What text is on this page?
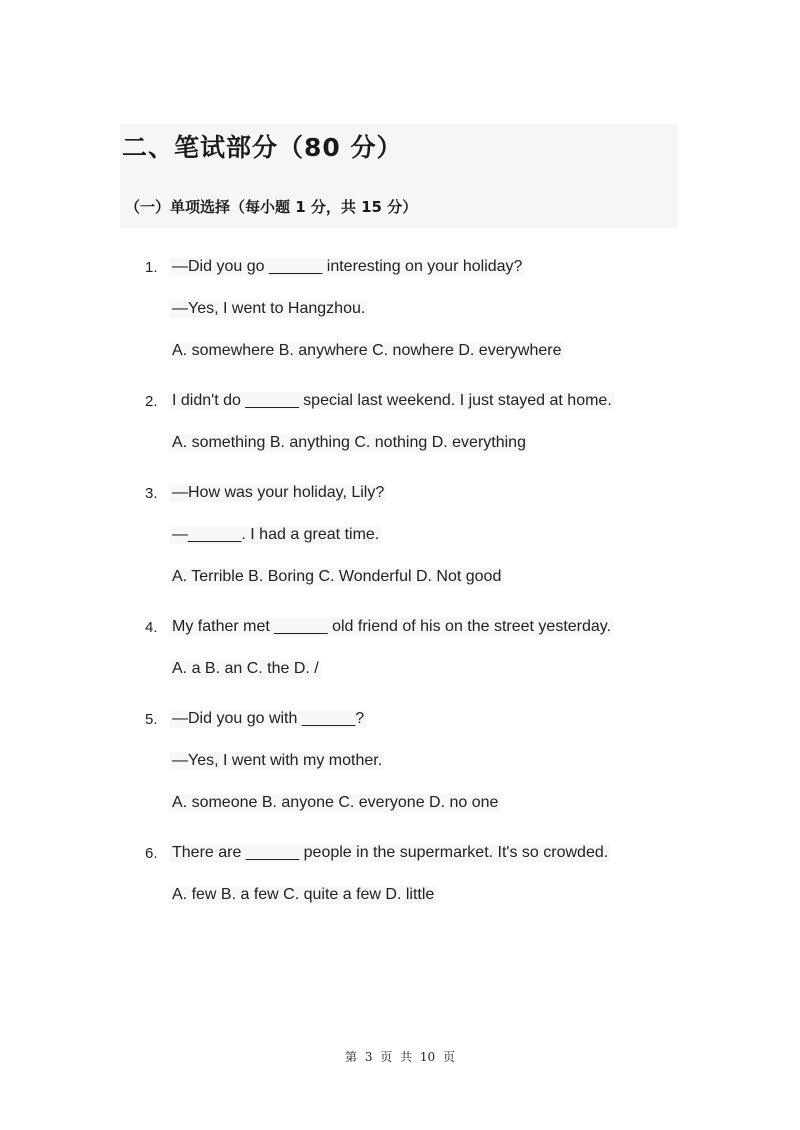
二、笔试部分（80 分）
（一）单项选择（每小题 1 分，共 15 分）
1. —Did you go ______ interesting on your holiday?
—Yes, I went to Hangzhou.
A. somewhere B. anywhere C. nowhere D. everywhere
2. I didn't do ______ special last weekend. I just stayed at home.
A. something B. anything C. nothing D. everything
3. —How was your holiday, Lily?
—______. I had a great time.
A. Terrible B. Boring C. Wonderful D. Not good
4. My father met ______ old friend of his on the street yesterday.
A. a B. an C. the D. /
5. —Did you go with ______?
—Yes, I went with my mother.
A. someone B. anyone C. everyone D. no one
6. There are ______ people in the supermarket. It's so crowded.
A. few B. a few C. quite a few D. little
第 3 页 共 10 页
